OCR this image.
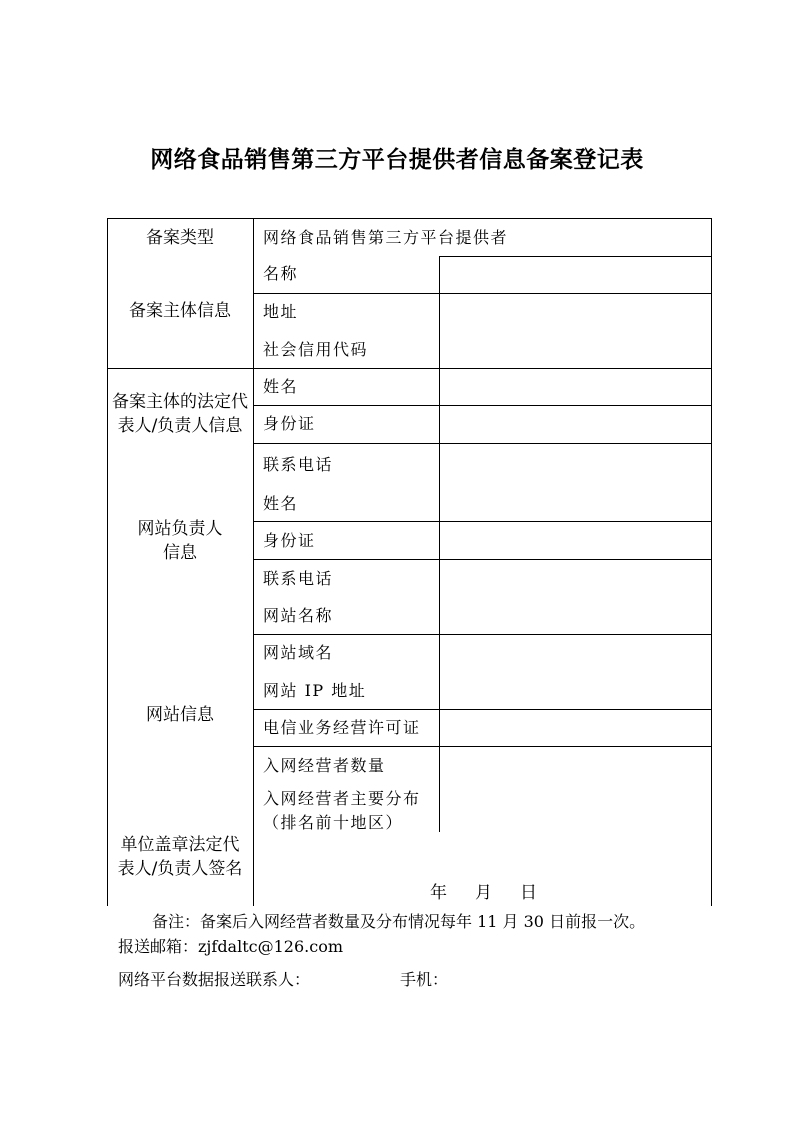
网络食品销售第三方平台提供者信息备案登记表
备案类型
备案主体信息
备案主体的法定代表人/负责人信息
网站负责人信息
网站信息
单位盖章法定代表人/负责人签名
网络食品销售第三方平台提供者
名称
地址
社会信用代码
姓名
身份证
联系电话
姓名
身份证
联系电话
网站名称
网站域名
网站 IP 地址
电信业务经营许可证
入网经营者数量
入网经营者主要分布（排名前十地区）
年 月 日
备注：备案后入网经营者数量及分布情况每年 11 月 30 日前报一次。
报送邮箱：zjfdaltc@126.com
网络平台数据报送联系人：	手机：
